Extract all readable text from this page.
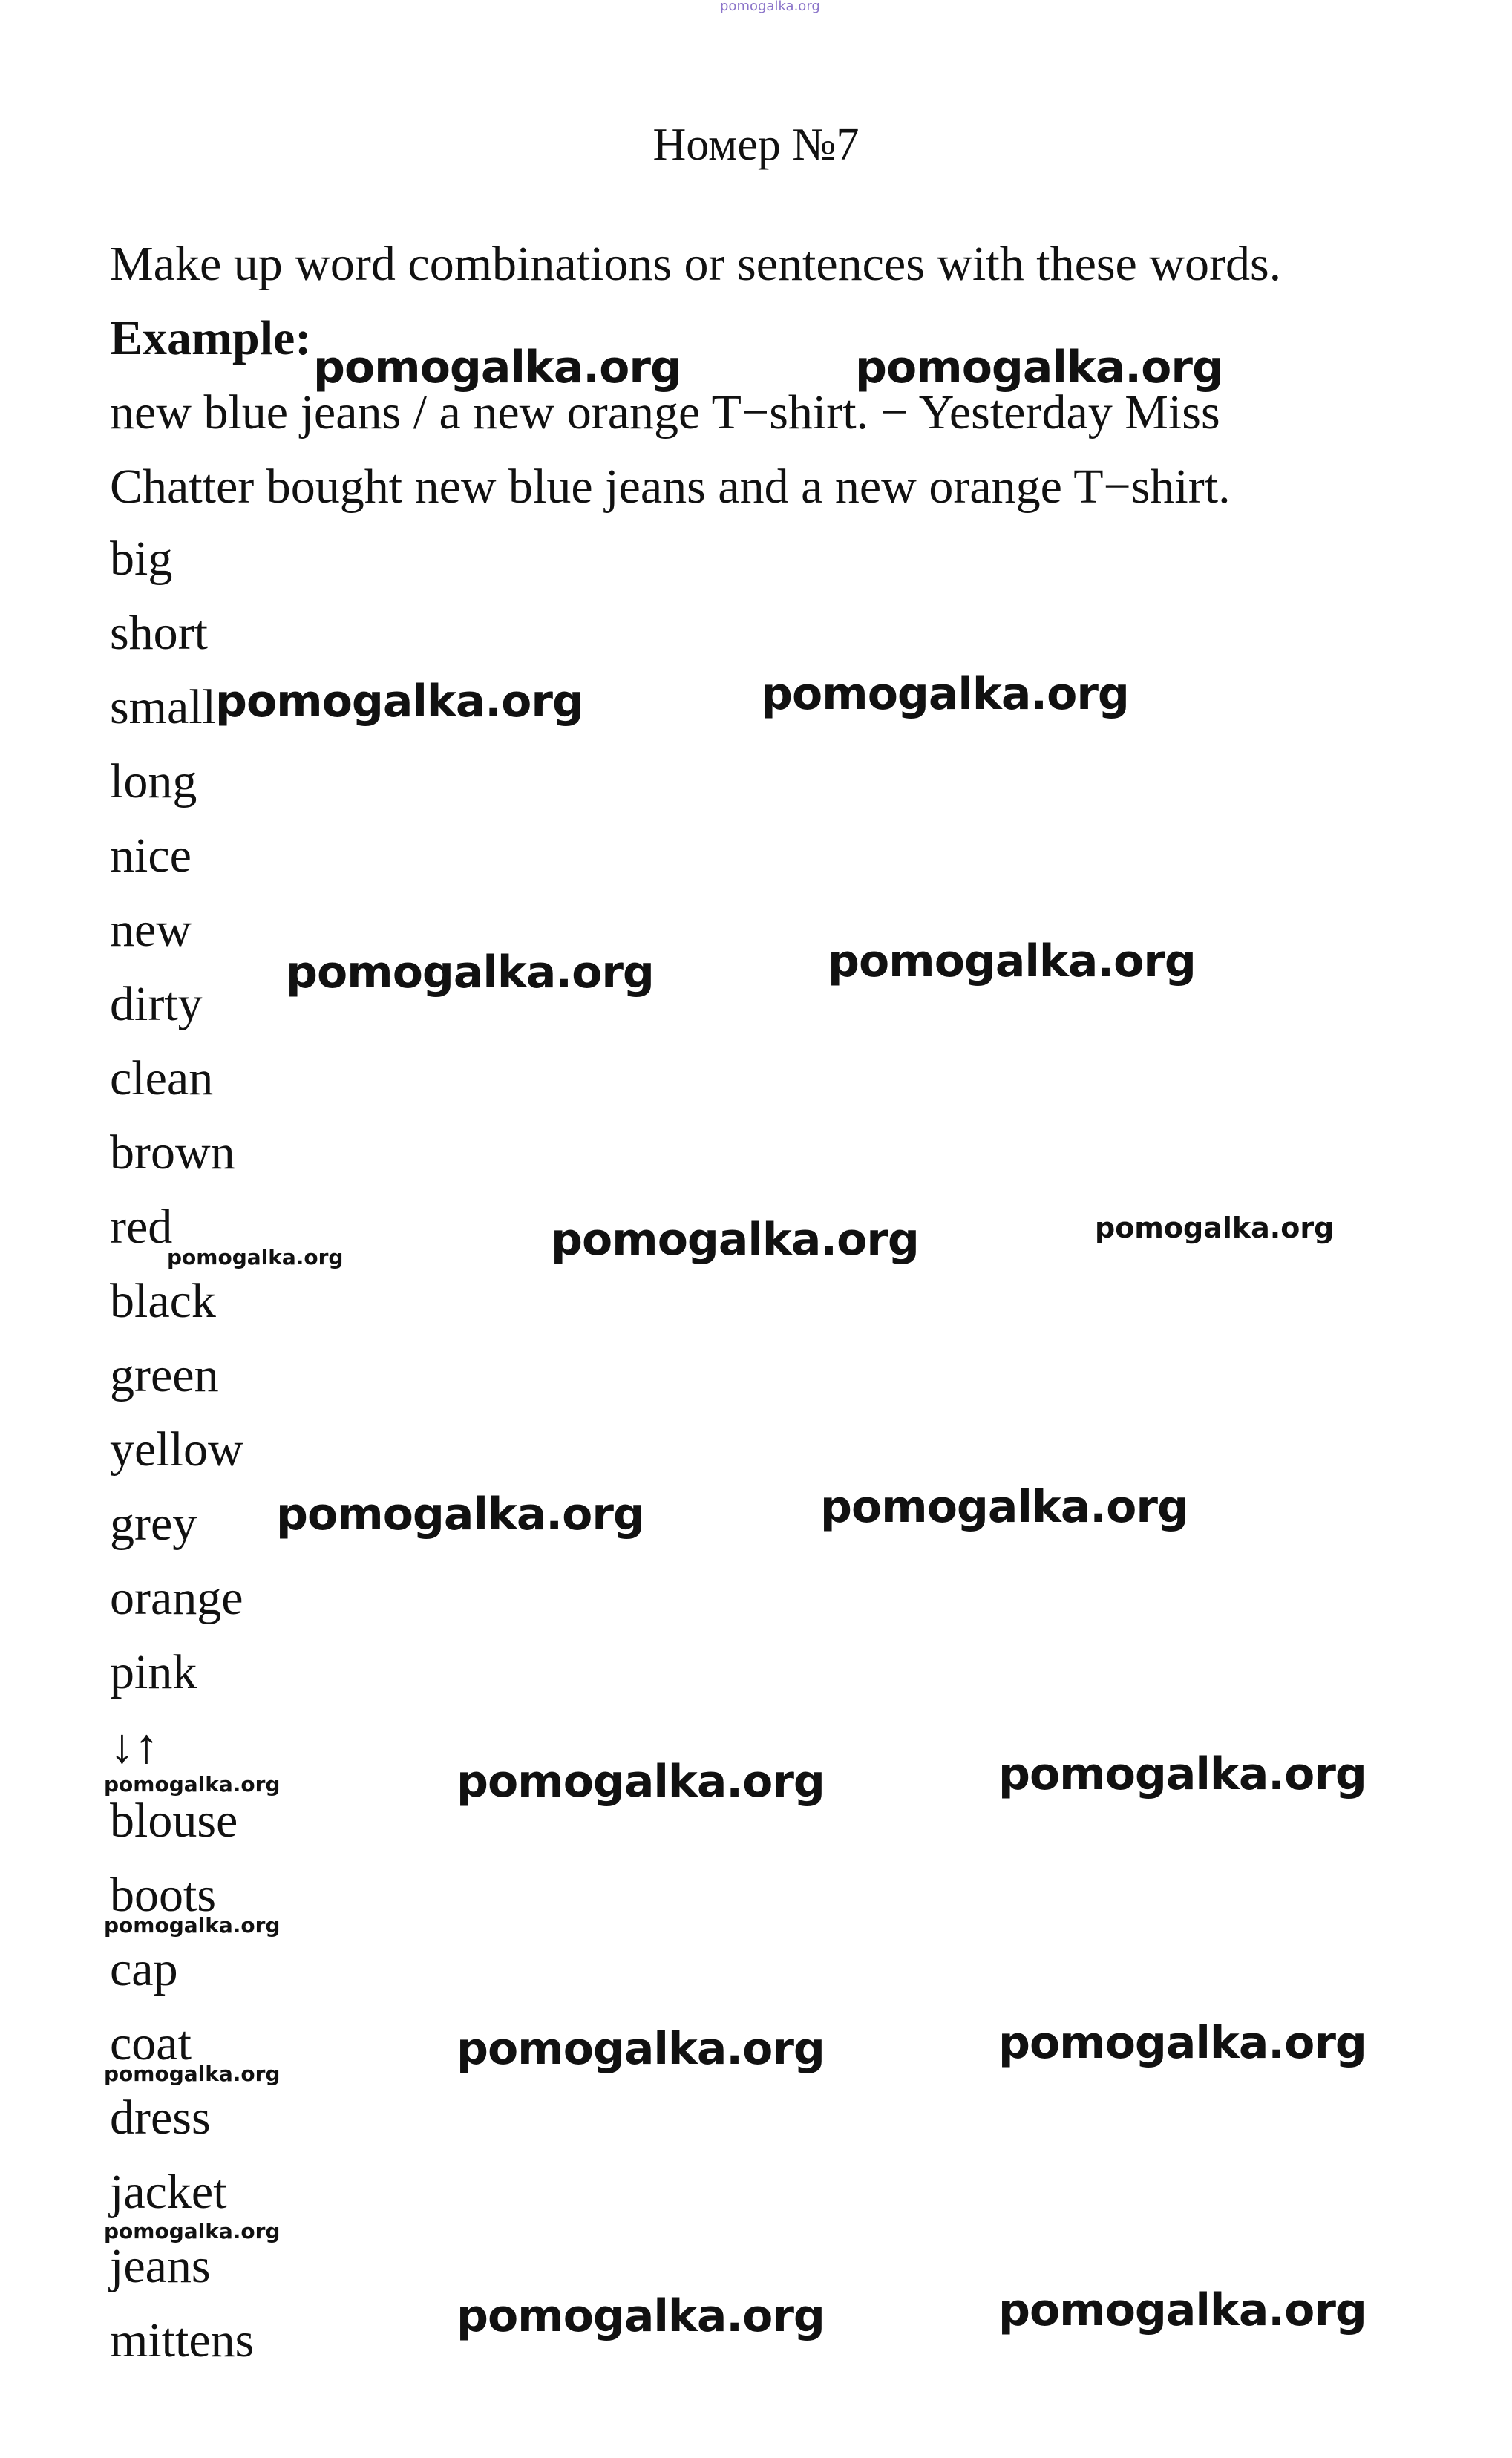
pomogalka.org
Номер №7
Make up word combinations or sentences with these words.
Example:
new blue jeans / a new orange T−shirt. − Yesterday Miss
Chatter bought new blue jeans and a new orange T−shirt.
big
short
small
long
nice
new
dirty
clean
brown
red
black
green
yellow
grey
orange
pink
↓↑
blouse
boots
cap
coat
dress
jacket
jeans
mittens
pomogalka.org	pomogalka.org
pomogalka.org	pomogalka.org
pomogalka.org	pomogalka.org
pomogalka.org	pomogalka.org	pomogalka.org
pomogalka.org	pomogalka.org
pomogalka.org	pomogalka.org	pomogalka.org
pomogalka.org
pomogalka.org	pomogalka.org	pomogalka.org
pomogalka.org
pomogalka.org	pomogalka.org
